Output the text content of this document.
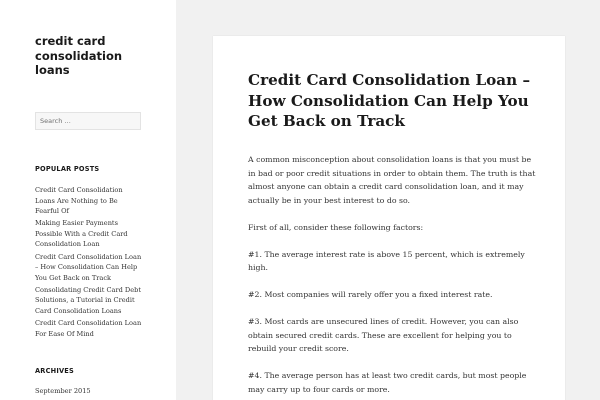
credit card consolidation loans
Search …
POPULAR POSTS
Credit Card Consolidation Loans Are Nothing to Be Fearful Of
Making Easier Payments Possible With a Credit Card Consolidation Loan
Credit Card Consolidation Loan – How Consolidation Can Help You Get Back on Track
Consolidating Credit Card Debt Solutions, a Tutorial in Credit Card Consolidation Loans
Credit Card Consolidation Loan For Ease Of Mind
ARCHIVES
September 2015
Credit Card Consolidation Loan – How Consolidation Can Help You Get Back on Track

A common misconception about consolidation loans is that you must be in bad or poor credit situations in order to obtain them. The truth is that almost anyone can obtain a credit card consolidation loan, and it may actually be in your best interest to do so.

First of all, consider these following factors:

#1. The average interest rate is above 15 percent, which is extremely high.

#2. Most companies will rarely offer you a fixed interest rate.

#3. Most cards are unsecured lines of credit. However, you can also obtain secured credit cards. These are excellent for helping you to rebuild your credit score.

#4. The average person has at least two credit cards, but most people may carry up to four cards or more.
